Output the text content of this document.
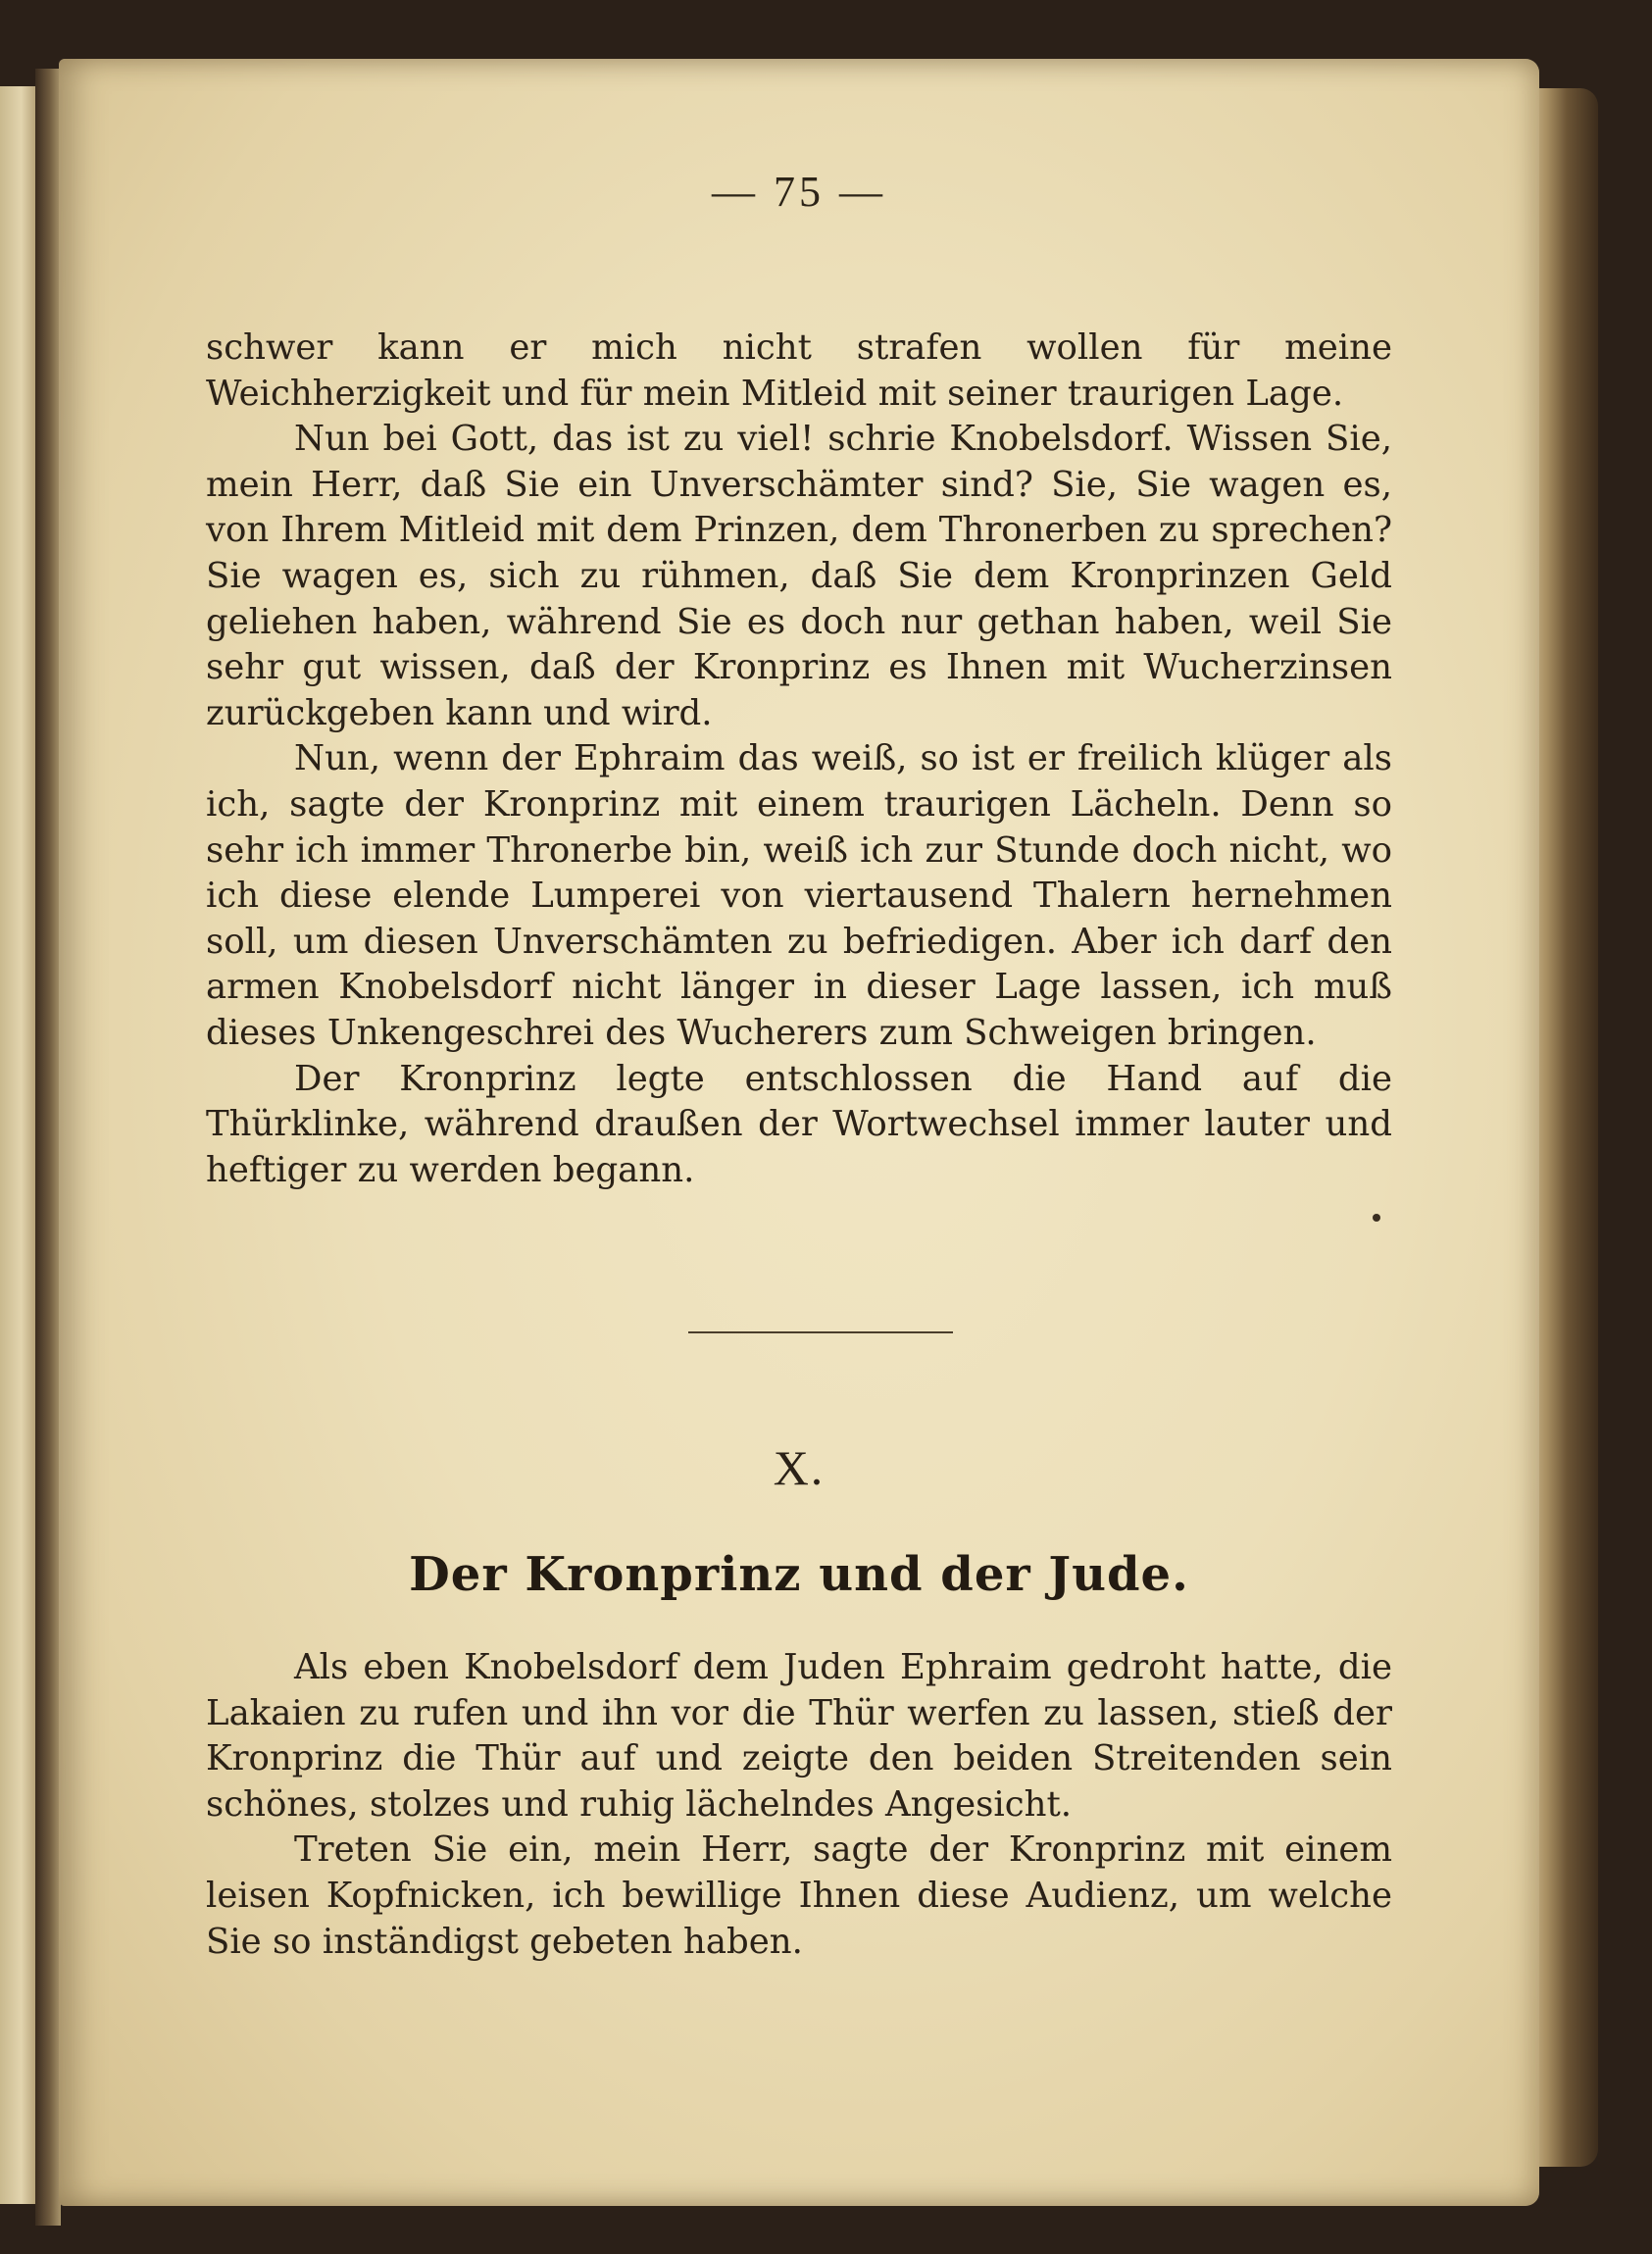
— 75 —

schwer kann er mich nicht strafen wollen für meine Weichherzigkeit und für mein Mitleid mit seiner traurigen Lage.

Nun bei Gott, das ist zu viel! schrie Knobelsdorf. Wissen Sie, mein Herr, daß Sie ein Unverschämter sind? Sie, Sie wagen es, von Ihrem Mitleid mit dem Prinzen, dem Thronerben zu sprechen? Sie wagen es, sich zu rühmen, daß Sie dem Kronprinzen Geld geliehen haben, während Sie es doch nur gethan haben, weil Sie sehr gut wissen, daß der Kronprinz es Ihnen mit Wucherzinsen zurückgeben kann und wird.

Nun, wenn der Ephraim das weiß, so ist er freilich klüger als ich, sagte der Kronprinz mit einem traurigen Lächeln. Denn so sehr ich immer Thronerbe bin, weiß ich zur Stunde doch nicht, wo ich diese elende Lumperei von viertausend Thalern hernehmen soll, um diesen Unverschämten zu befriedigen. Aber ich darf den armen Knobelsdorf nicht länger in dieser Lage lassen, ich muß dieses Unkengeschrei des Wucherers zum Schweigen bringen.

Der Kronprinz legte entschlossen die Hand auf die Thürklinke, während draußen der Wortwechsel immer lauter und heftiger zu werden begann.

X.
Der Kronprinz und der Jude.

Als eben Knobelsdorf dem Juden Ephraim gedroht hatte, die Lakaien zu rufen und ihn vor die Thür werfen zu lassen, stieß der Kronprinz die Thür auf und zeigte den beiden Streitenden sein schönes, stolzes und ruhig lächelndes Angesicht.

Treten Sie ein, mein Herr, sagte der Kronprinz mit einem leisen Kopfnicken, ich bewillige Ihnen diese Audienz, um welche Sie so inständigst gebeten haben.
